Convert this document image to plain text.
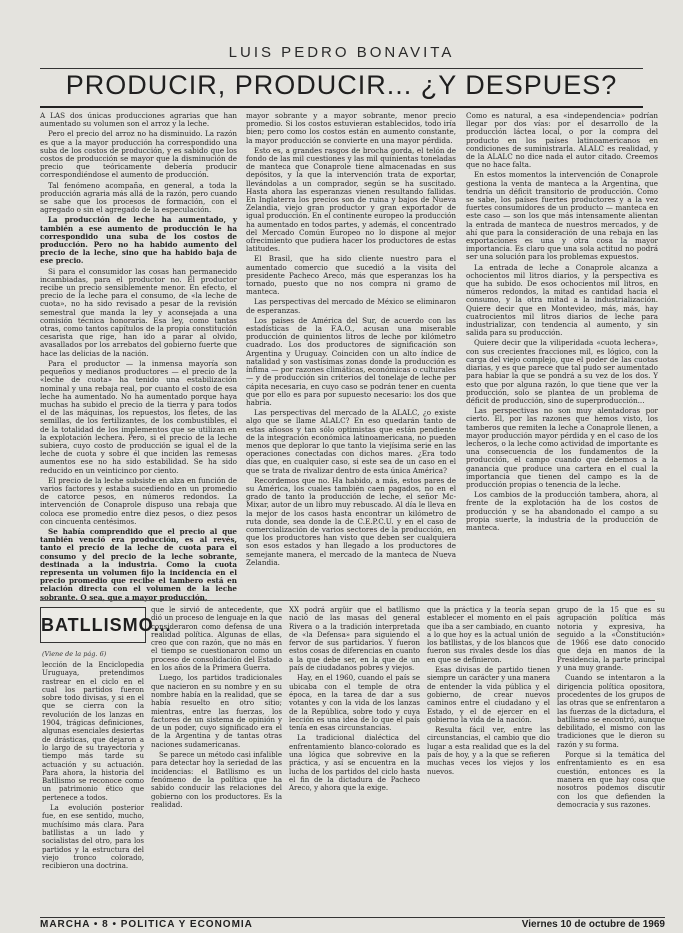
LUIS PEDRO BONAVITA
PRODUCIR, PRODUCIR... ¿Y DESPUES?

A LAS dos únicas producciones agrarias que han aumentado su volumen son el arroz y la leche.

Pero el precio del arroz no ha disminuido. La razón es que a la mayor producción ha correspondido una suba de los costos de producción, y es sabido que los costos de producción se mayor que la disminución de precio que teóricamente debería producir correspondiéndose el aumento de producción.

Tal fenómeno acompaña, en general, a toda la producción agraria más allá de la razón, pero cuando se sabe que los procesos de formación, con el agregado o sin el agregado de la especulación.

La producción de leche ha aumentado, y también a ese aumento de producción le ha correspondido una suba de los costos de producción. Pero no ha habido aumento del precio de la leche, sino que ha habido baja de ese precio.

Si para el consumidor las cosas han permanecido incambiadas, para el productor no. El productor recibe un precio sensiblemente menor. En efecto, el precio de la leche para el consumo, de «la leche de cuota», no ha sido revisado a pesar de la revisión semestral que manda la ley y aconsejada a una comisión técnica honoraria. Esa ley, como tantas otras, como tantos capítulos de la propia constitución cesarista que rige, han ido a parar al olvido, avasallados por los arrebatos del gobierno fuerte que hace las delicias de la nación.

Para el productor — la inmensa mayoría son pequeños y medianos productores — el precio de la «leche de cuota» ha tenido una estabilización nominal y una rebaja real, por cuanto el costo de esa leche ha aumentado. No ha aumentado porque haya muchas ha subido el precio de la tierra y para todos el de las máquinas, los repuestos, los fletes, de las semillas, de los fertilizantes, de los combustibles, el de la totalidad de los implementos que se utilizan en la explotación lechera. Pero, si el precio de la leche subiera, cuyo costo de producción se igual el de la leche de cuota y sobre él que inciden las remesas aumentos ese no ha sido estabilidad. Se ha sido reducido en un veinticinco por ciento.

El precio de la leche subsiste en alza en función de varios factores y estaba sucediendo en un promedio de catorce pesos, en números redondos. La intervención de Conaprole dispuso una rebaja que coloca ese promedio entre diez pesos, o diez pesos con cincuenta centésimos.

Se había comprendido que el precio al que también venció era producción, es al revés, tanto el precio de la leche de cuota para el consumo y del precio de la leche sobrante, destinada a la industria. Como la cuota representa un volumen fijo la incidencia en el precio promedio que recibe el tambero está en relación directa con el volumen de la leche sobrante. O sea, que a mayor producción,

mayor sobrante y a mayor sobrante, menor precio promedio. Si los costos estuvieran establecidos, todo iría bien; pero como los costos están en aumento constante, la mayor producción se convierte en una mayor pérdida.

Esto es, a grandes rasgos de brocha gorda, el telón de fondo de las mil cuestiones y las mil quinientas toneladas de manteca que Conaprole tiene almacenadas en sus depósitos, y la que la intervención trata de exportar, llevándolas a un comprador, según se ha suscitado. Hasta ahora las esperanzas vienen resultando fallidas. En Inglaterra los precios son de ruina y bajos de Nueva Zelandia, viejo gran productor y gran exportador de igual producción. En el continente europeo la producción ha aumentado en todos partes, y además, el concentrado del Mercado Común Europeo no lo dispone al mejor ofrecimiento que pudiera hacer los productores de estas latitudes.

El Brasil, que ha sido cliente nuestro para el aumentado comercio que sucedió a la visita del presidente Pacheco Areco, más que esperanzas los ha tornado, puesto que no nos compra ni gramo de manteca.

Las perspectivas del mercado de México se eliminaron de esperanzas.

Los países de América del Sur, de acuerdo con las estadísticas de la F.A.O., acusan una miserable producción de quinientos litros de leche por kilómetro cuadrado. Los dos productores de significación son Argentina y Uruguay. Coinciden con un alto índice de natalidad y son vastísimas zonas donde la producción es ínfima — por razones climáticas, económicas o culturales — y de producción sin criterios del tonelaje de leche per cápita necesaria, en cuyo caso se podrán tener en cuenta que por ello es para por supuesto necesario: los dos que habría.

Las perspectivas del mercado de la ALALC, ¿o existe algo que se llame ALALC? En eso quedarán tanto de estas añosos y tan sólo optimistas que están pendiente de la integración económica latinoamericana, no pueden menos que deplorar lo que tanto la viejísima serie en las operaciones conectadas con dichos mares. ¿Era todo días que, en cualquier caso, si este sea de un caso en el que se trata de rivalizar dentro de esta única América?

Recordemos que no. Ha habido, a más, estos pares de su América, los cuales también caen pagados, no en el grado de tanto la producción de leche, el señor Mc-Mixar, autor de un libro muy rebuscado. Al día le lleva en la mejor de los casos hasta encontrar un kilómetro de ruta donde, sea donde la de C.E.P.C.U. y en el caso de comercialización de varios sectores de la producción, en que los productores han visto que deben ser cualquiera son esos estados y han llegado a los productores de semejante manera, el mercado de la manteca de Nueva Zelandia.

Como es natural, a esa «independencia» podrían llegar por dos vías: por el desarrollo de la producción láctea local, o por la compra del producto en los países latinoamericanos en condiciones de suministrarla. ALALC es realidad, y de la ALALC no dice nada el autor citado. Creemos que no hace falta.

En estos momentos la intervención de Conaprole gestiona la venta de manteca a la Argentina, que tendría un déficit transitorio de producción. Como se sabe, los países fuertes productores y a la vez fuertes consumidores de un producto — manteca en este caso — son los que más intensamente alientan la entrada de manteca de nuestros mercados, y de ahí que para la consideración de una rebaja en las exportaciones es una y otra cosa la mayor importancia. Es claro que una sola actitud no podrá ser una solución para los problemas expuestos.

La entrada de leche a Conaprole alcanza a ochocientos mil litros diarios, y la perspectiva es que ha subido. De esos ochocientos mil litros, en números redondos, la mitad es cantidad hacia el consumo, y la otra mitad a la industrialización. Quiere decir que en Montevideo, más, más, hay cuatrocientos mil litros diarios de leche para industrializar, con tendencia al aumento, y sin salida para su producción.

Quiere decir que la viliperidada «cuota lechera», con sus crecientes fracciones mil, es lógico, con la carga del viejo complejo, que el poder de las cuotas diarias, y es que parece que tal pudo ser aumentado para habiar la que se pondrá a su vez de los dos. Y esto que por alguna razón, lo que tiene que ver la producción, solo se plantea de un problema de déficit de producción, sino de superproducción...

Las perspectivas no son muy alentadoras por cierto. El, por las razones que hemos visto, los tamberos que remiten la leche a Conaprole llenen, a mayor producción mayor pérdida y en el caso de los lecheros, o la leche como actividad de importante es una consecuencia de los fundamentos de la producción, el campo cuando que debemos a la ganancia que produce una cartera en el cual la importancia que tienen del campo es la de producción propias o tenencia de la leche.

Los cambios de la producción tambera, ahora, al frente de la explotación ha de los costos de producción y se ha abandonado el campo a su propia suerte, la industria de la producción de manteca.

BATLLISMO...
(Viene de la pág. 6)

lección de la Enciclopedia Uruguaya, pretendimos rastrear en el ciclo en el cual los partidos fueron sobre todo divisas, y si en el que se cierra con la revolución de los lanzas en 1904, trágicas definiciones, algunas esenciales desiertas de drásticas, que dejaron a lo largo de su trayectoria y tiempo más tarde su actuación y su actuación. Para ahora, la historia del Batllismo se reconoce como un patrimonio ético que pertenece a todos.

La evolución posterior fue, en ese sentido, mucho, muchísimo más clara. Para batllistas a un lado y socialistas del otro, para los partidos y la estructura del viejo tronco colorado, recibieron una doctrina.

que le sirvió de antecedente, que dió un proceso de lenguaje en la que consideraron como defensa de una realidad política. Algunas de ellas, creo que con razón, que no más en el tiempo se cuestionaron como un proceso de consolidación del Estado en los años de la Primera Guerra.

Luego, los partidos tradicionales que nacieron en su nombre y en su nombre había en la realidad, que se había resuelto en otro sitio; mientras, entre las fuerzas, los factores de un sistema de opinión y de un poder, cuyo significado era el de la Argentina y de tantas otras naciones sudamericanas.

Se parece un método casi infalible para detectar hoy la seriedad de las incidencias: el Batllismo es un fenómeno de la política que ha sabido conducir las relaciones del gobierno con los productores. Es la realidad.

XX podrá argüir que el batllismo nació de las masas del general Rivera o a la tradición interpretada de «la Defensa» para siguiendo el fervor de sus partidarios. Y fueron estos cosas de diferencias en cuanto a la que debe ser, en la que de un país de ciudadanos pobres y viejos.

Hay, en el 1960, cuando el país se ubicaba con el temple de otra época, en la tarea de dar a sus votantes y con la vida de los lanzas de la República, sobre todo y cuya lección es una idea de lo que el país tenía en esas circunstancias.

La tradicional dialéctica del enfrentamiento blanco-colorado es una lógica que sobrevive en la práctica, y así se encuentra en la lucha de los partidos del ciclo hasta el fin de la dictadura de Pacheco Areco, y ahora que la exige.

que la práctica y la teoría sepan establecer el momento en el país que iba a ser cambiado, en cuanto a lo que hoy es la actual unión de los batllistas, y de los blancos que fueron sus rivales desde los días en que se definieron.

Esas divisas de partido tienen siempre un carácter y una manera de entender la vida pública y el gobierno, de crear nuevos caminos entre el ciudadano y el Estado, y el de ejercer en el gobierno la vida de la nación.

Resulta fácil ver, entre las circunstancias, el cambio que dio lugar a esta realidad que es la del país de hoy, y a la que se refieren muchas veces los viejos y los nuevos.

grupo de la 15 que es su agrupación política más notoria y expresiva, ha seguido a la «Constitución» de 1966 ese dato conocido que deja en manos de la Presidencia, la parte principal y una muy grande.

Cuando se intentaron a la dirigencia política opositora, procedentes de los grupos de las otras que se enfrentaron a las fuerzas de la dictadura, el batllismo se encontró, aunque debilitado, el mismo con las tradiciones que le dieron su razón y su forma.

Porque si la temática del enfrentamiento es en esa cuestión, entonces es la manera en que hay cosa que nosotros podemos discutir con los que defienden la democracia y sus razones.

MARCHA • 8 • POLITICA Y ECONOMIA	Viernes 10 de octubre de 1969
